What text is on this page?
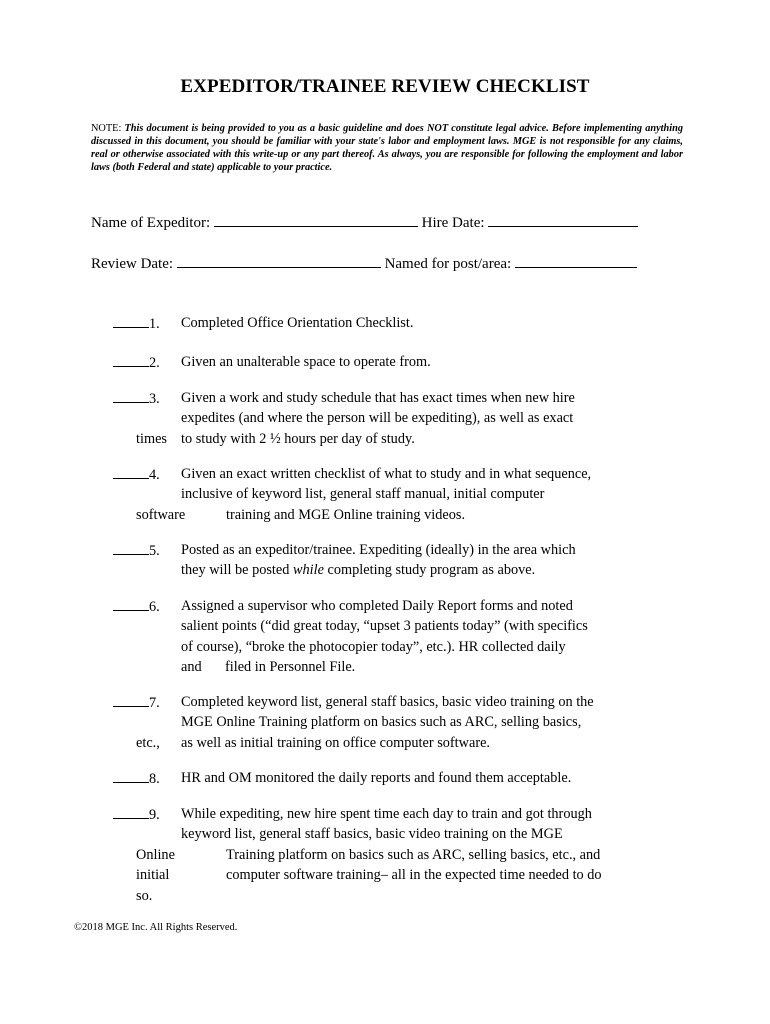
EXPEDITOR/TRAINEE REVIEW CHECKLIST
NOTE: This document is being provided to you as a basic guideline and does NOT constitute legal advice. Before implementing anything discussed in this document, you should be familiar with your state's labor and employment laws. MGE is not responsible for any claims, real or otherwise associated with this write-up or any part thereof. As always, you are responsible for following the employment and labor laws (both Federal and state) applicable to your practice.
Name of Expeditor:	Hire Date:
Review Date:	Named for post/area:
1. Completed Office Orientation Checklist.
2. Given an unalterable space to operate from.
3. Given a work and study schedule that has exact times when new hire
expedites (and where the person will be expediting), as well as exact
times to study with 2 ½ hours per day of study.
4. Given an exact written checklist of what to study and in what sequence,
inclusive of keyword list, general staff manual, initial computer
software	training and MGE Online training videos.
5. Posted as an expeditor/trainee. Expediting (ideally) in the area which
they will be posted while completing study program as above.
6. Assigned a supervisor who completed Daily Report forms and noted
salient points (“did great today, “upset 3 patients today” (with specifics
of course), “broke the photocopier today”, etc.). HR collected daily
and filed in Personnel File.
7. Completed keyword list, general staff basics, basic video training on the
MGE Online Training platform on basics such as ARC, selling basics,
etc., as well as initial training on office computer software.
8. HR and OM monitored the daily reports and found them acceptable.
9. While expediting, new hire spent time each day to train and got through
keyword list, general staff basics, basic video training on the MGE
Online	Training platform on basics such as ARC, selling basics, etc., and
initial	computer software training– all in the expected time needed to do
so.
©2018 MGE Inc. All Rights Reserved.
